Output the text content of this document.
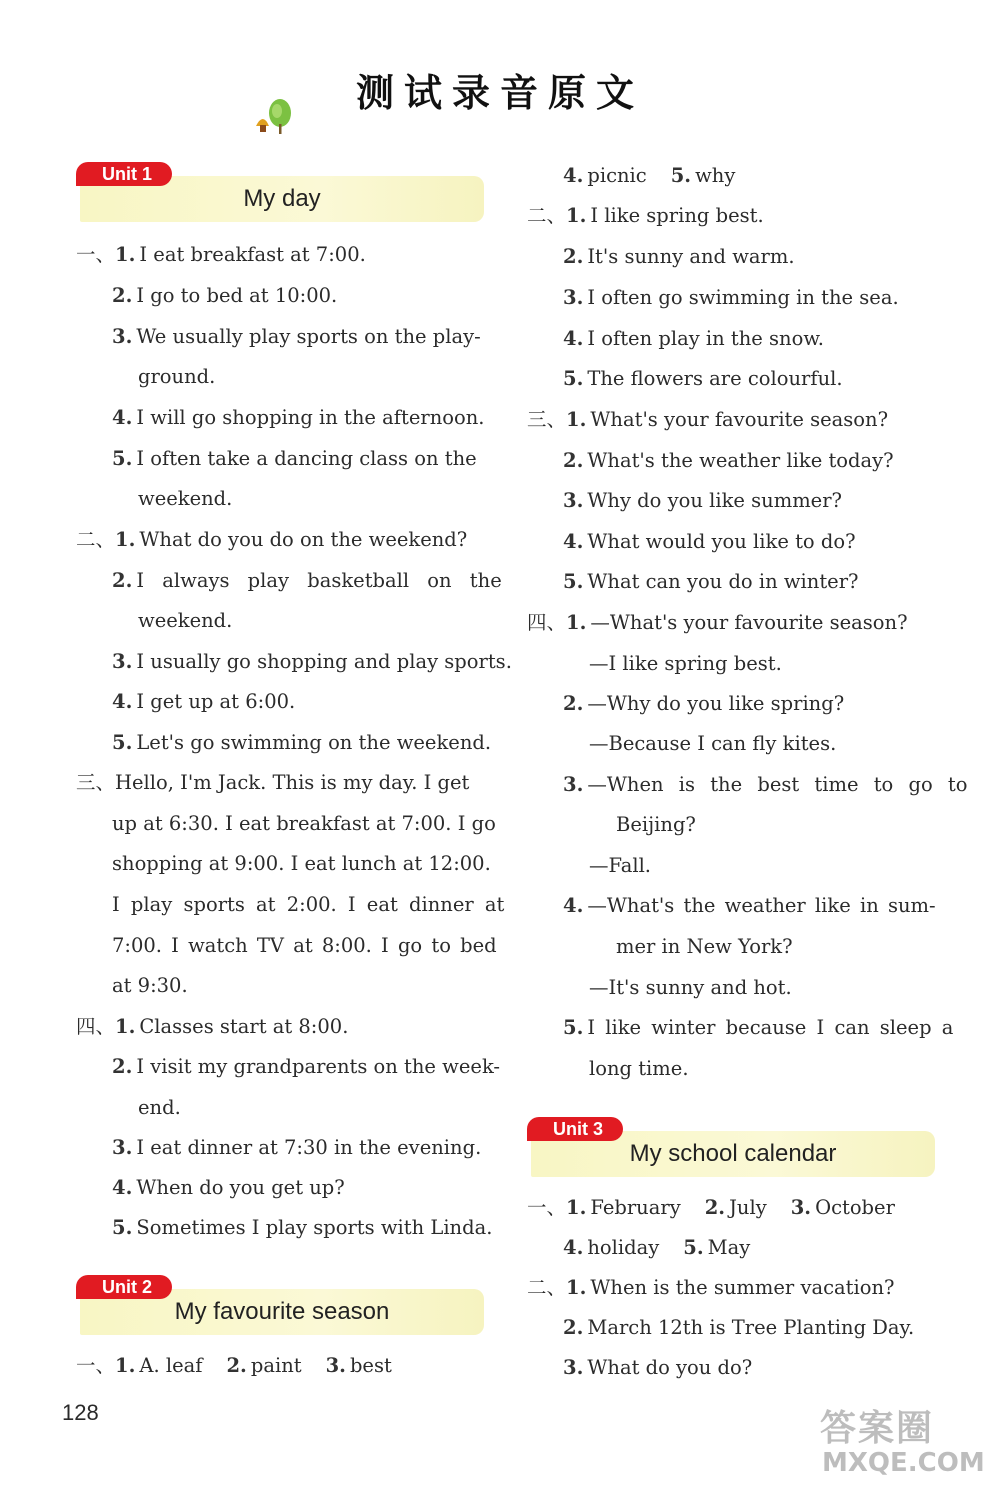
测试录音原文
Unit 1
My day
一、1. I eat breakfast at 7:00.
2. I go to bed at 10:00.
3. We usually play sports on the play-
ground.
4. I will go shopping in the afternoon.
5. I often take a dancing class on the
weekend.
二、1. What do you do on the weekend?
2. I always play basketball on the
weekend.
3. I usually go shopping and play sports.
4. I get up at 6:00.
5. Let's go swimming on the weekend.
三、Hello, I'm Jack. This is my day. I get
up at 6:30. I eat breakfast at 7:00. I go
shopping at 9:00. I eat lunch at 12:00.
I play sports at 2:00. I eat dinner at
7:00. I watch TV at 8:00. I go to bed
at 9:30.
四、1. Classes start at 8:00.
2. I visit my grandparents on the week-
end.
3. I eat dinner at 7:30 in the evening.
4. When do you get up?
5. Sometimes I play sports with Linda.
Unit 2
My favourite season
一、1. A. leaf 2. paint 3. best
128
4. picnic 5. why
二、1. I like spring best.
2. It's sunny and warm.
3. I often go swimming in the sea.
4. I often play in the snow.
5. The flowers are colourful.
三、1. What's your favourite season?
2. What's the weather like today?
3. Why do you like summer?
4. What would you like to do?
5. What can you do in winter?
四、1. —What's your favourite season?
—I like spring best.
2. —Why do you like spring?
—Because I can fly kites.
3. —When is the best time to go to
Beijing?
—Fall.
4. —What's the weather like in sum-
mer in New York?
—It's sunny and hot.
5. I like winter because I can sleep a
long time.
Unit 3
My school calendar
一、1. February 2. July 3. October
4. holiday 5. May
二、1. When is the summer vacation?
2. March 12th is Tree Planting Day.
3. What do you do?
答案圈
MXQE.COM
